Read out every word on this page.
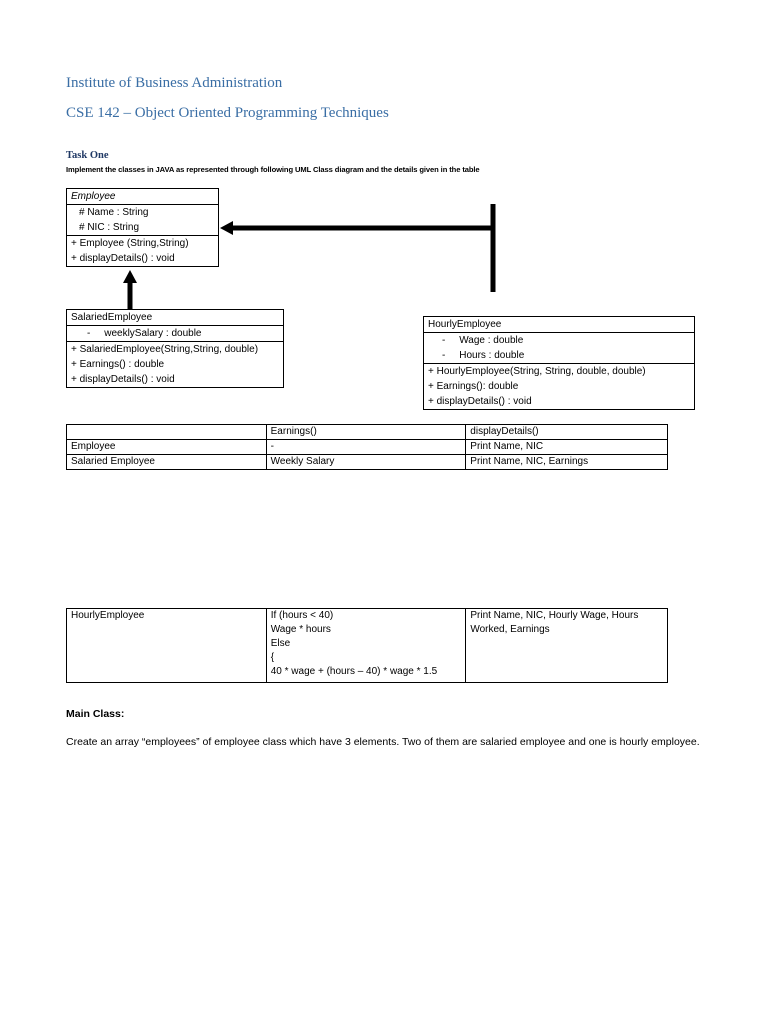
Institute of Business Administration
CSE 142 – Object Oriented Programming Techniques
Task One
Implement the classes in JAVA as represented through following UML Class diagram and the details given in the table
Employee
# Name : String
# NIC : String
+ Employee (String,String)
+ displayDetails() : void
SalariedEmployee
-     weeklySalary : double
+ SalariedEmployee(String,String, double)
+ Earnings() : double
+ displayDetails() : void
HourlyEmployee
-     Wage : double
-     Hours : double
+ HourlyEmployee(String, String, double, double)
+ Earnings(): double
+ displayDetails() : void
	Earnings()	displayDetails()
Employee	-	Print Name, NIC
Salaried Employee	Weekly Salary	Print Name, NIC, Earnings
HourlyEmployee	If (hours < 40)
Wage * hours
Else
{
40 * wage + (hours – 40) * wage * 1.5
	Print Name, NIC, Hourly Wage, Hours Worked, Earnings
Main Class:
Create an array “employees” of employee class which have 3 elements. Two of them are salaried employee and one is hourly employee.
